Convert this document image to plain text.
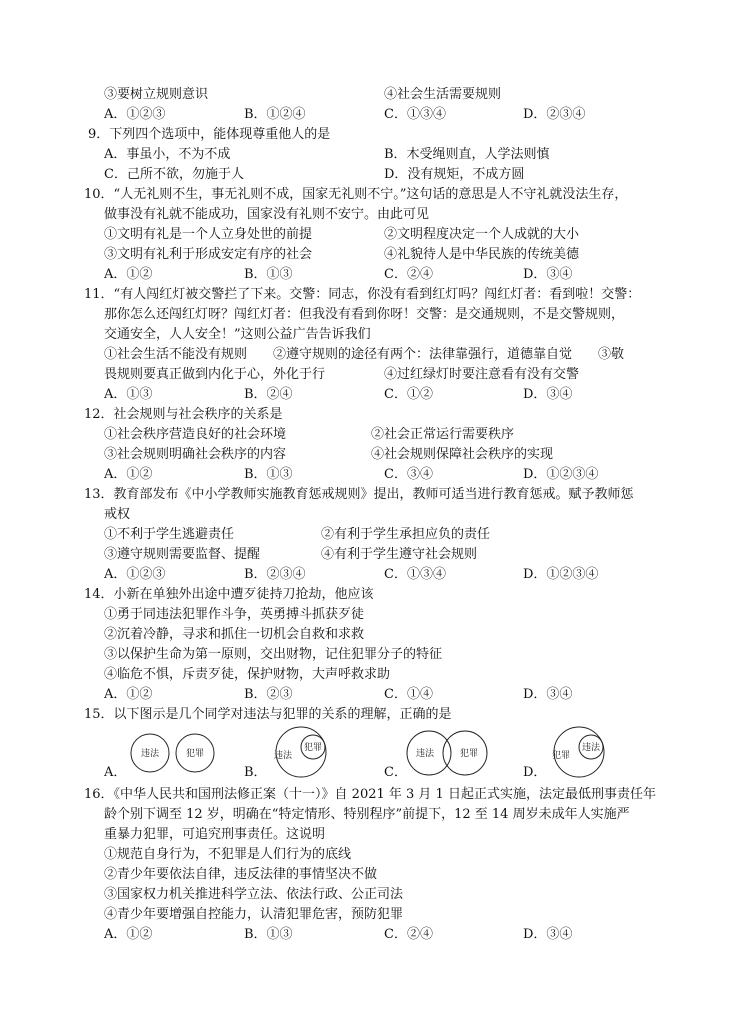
③要树立规则意识	④社会生活需要规则
A．①②③	B．①②④	C．①③④	D．②③④
9．下列四个选项中，能体现尊重他人的是
A．事虽小，不为不成	B．木受绳则直，人学法则慎
C．己所不欲，勿施于人	D．没有规矩，不成方圆
10．“人无礼则不生，事无礼则不成，国家无礼则不宁。”这句话的意思是人不守礼就没法生存，
做事没有礼就不能成功，国家没有礼则不安宁。由此可见
①文明有礼是一个人立身处世的前提	②文明程度决定一个人成就的大小
③文明有礼利于形成安定有序的社会	④礼貌待人是中华民族的传统美德
A．①②	B．①③	C．②④	D．③④
11．“有人闯红灯被交警拦了下来。交警：同志，你没有看到红灯吗？闯红灯者：看到啦！交警：
那你怎么还闯红灯呀？闯红灯者：但我没有看到你呀！交警：是交通规则，不是交警规则，
交通安全，人人安全！”这则公益广告告诉我们
①社会生活不能没有规则　　②遵守规则的途径有两个：法律靠强行，道德靠自觉　　③敬
畏规则要真正做到内化于心，外化于行	④过红绿灯时要注意看有没有交警
A．①③	B．②④	C．①②	D．③④
12．社会规则与社会秩序的关系是
①社会秩序营造良好的社会环境	②社会正常运行需要秩序
③社会规则明确社会秩序的内容	④社会规则保障社会秩序的实现
A．①②	B．①③	C．③④	D．①②③④
13．教育部发布《中小学教师实施教育惩戒规则》提出，教师可适当进行教育惩戒。赋予教师惩
戒权
①不利于学生逃避责任	②有利于学生承担应负的责任
③遵守规则需要监督、提醒	④有利于学生遵守社会规则
A．①②③	B．②③④	C．①③④	D．①②③④
14．小新在单独外出途中遭歹徒持刀抢劫，他应该
①勇于同违法犯罪作斗争，英勇搏斗抓获歹徒
②沉着冷静，寻求和抓住一切机会自救和求救
③以保护生命为第一原则，交出财物，记住犯罪分子的特征
④临危不惧，斥责歹徒，保护财物，大声呼救求助
A．①②	B．②③	C．①④	D．③④
15．以下图示是几个同学对违法与犯罪的关系的理解，正确的是
A．
违法	犯罪
B．
违法
犯罪
C．
违法	犯罪
D．
犯罪
违法
16．《中华人民共和国刑法修正案（十一）》自 2021 年 3 月 1 日起正式实施，法定最低刑事责任年
龄个别下调至 12 岁，明确在“特定情形、特别程序”前提下，12 至 14 周岁未成年人实施严
重暴力犯罪，可追究刑事责任。这说明
①规范自身行为，不犯罪是人们行为的底线
②青少年要依法自律，违反法律的事情坚决不做
③国家权力机关推进科学立法、依法行政、公正司法
④青少年要增强自控能力，认清犯罪危害，预防犯罪
A．①②	B．①③	C．②④	D．③④
